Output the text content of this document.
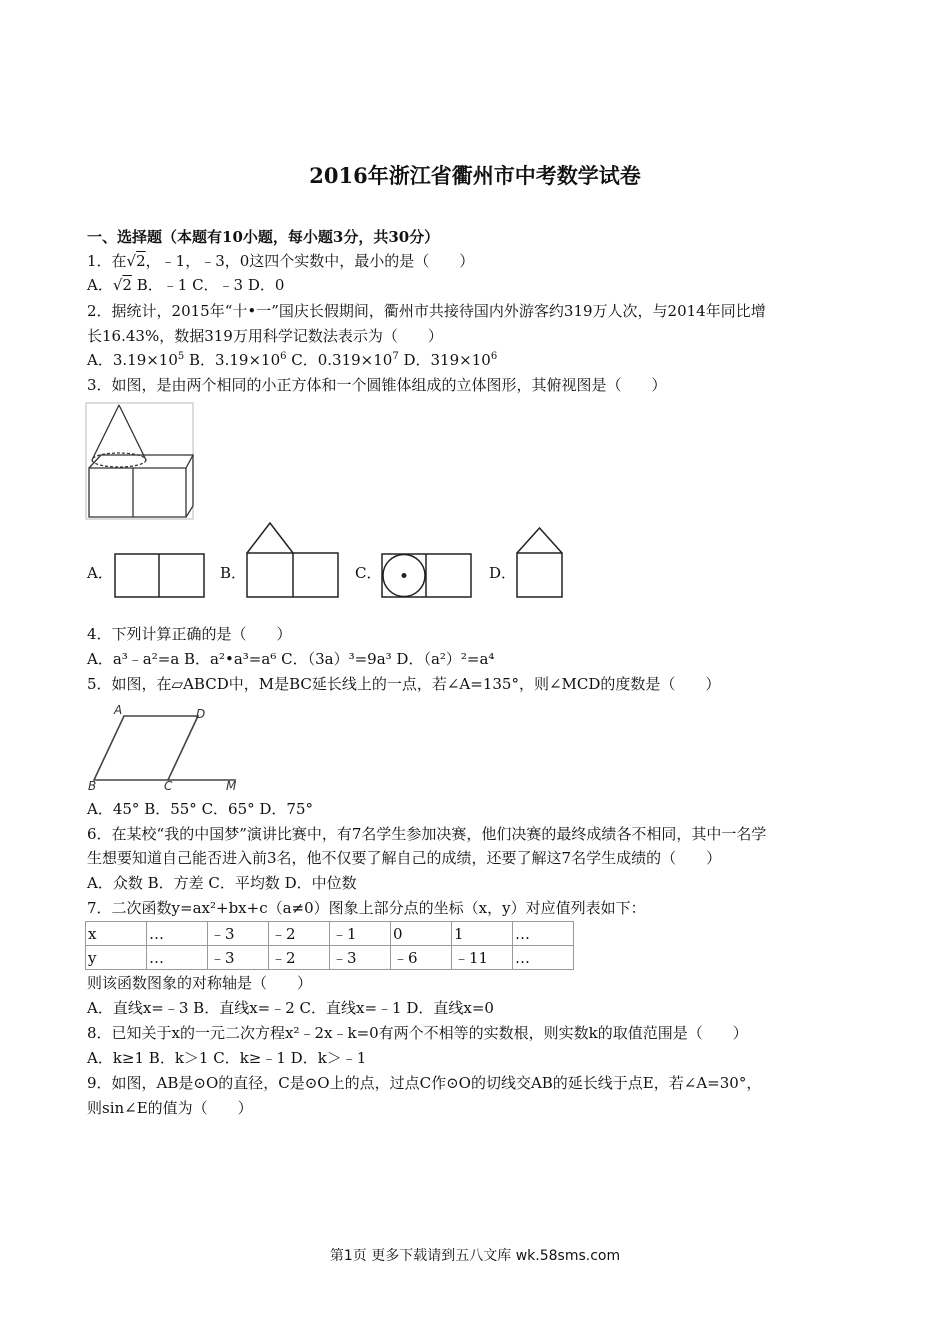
2016年浙江省衢州市中考数学试卷
一、选择题（本题有10小题，每小题3分，共30分）
1．在√2，﹣1，﹣3，0这四个实数中，最小的是（　　）
A．√2 B．﹣1 C．﹣3 D．0
2．据统计，2015年“十•一”国庆长假期间，衢州市共接待国内外游客约319万人次，与2014年同比增
长16.43%，数据319万用科学记数法表示为（　　）
A．$3.19\times 10^5$ B．$3.19\times 10^6$ C．$0.319\times 10^7$ D．$319\times 10^6$
3．如图，是由两个相同的小正方体和一个圆锥体组成的立体图形，其俯视图是（　　）
A．	B．	C．	D．
4．下列计算正确的是（　　）
A．a³﹣a²=a B．a²•a³=a⁶ C．（3a）³=9a³ D．（a²）²=a⁴
5．如图，在▱ABCD中，M是BC延长线上的一点，若∠A=135°，则∠MCD的度数是（　　）
A	D
B	C	M
A．45° B．55° C．65° D．75°
6．在某校“我的中国梦”演讲比赛中，有7名学生参加决赛，他们决赛的最终成绩各不相同，其中一名学
生想要知道自己能否进入前3名，他不仅要了解自己的成绩，还要了解这7名学生成绩的（　　）
A．众数 B．方差 C．平均数 D．中位数
7．二次函数y=ax²+bx+c（a≠0）图象上部分点的坐标（x，y）对应值列表如下：
x	…	﹣3	﹣2	﹣1	0	1	…
y	…	﹣3	﹣2	﹣3	﹣6	﹣11	…
则该函数图象的对称轴是（　　）
A．直线x=﹣3 B．直线x=﹣2 C．直线x=﹣1 D．直线x=0
8．已知关于x的一元二次方程x²﹣2x﹣k=0有两个不相等的实数根，则实数k的取值范围是（　　）
A．k≥1 B．k＞1 C．k≥﹣1 D．k＞﹣1
9．如图，AB是⊙O的直径，C是⊙O上的点，过点C作⊙O的切线交AB的延长线于点E，若∠A=30°，
则sin∠E的值为（　　）
第1页 更多下载请到五八文库 wk.58sms.com
